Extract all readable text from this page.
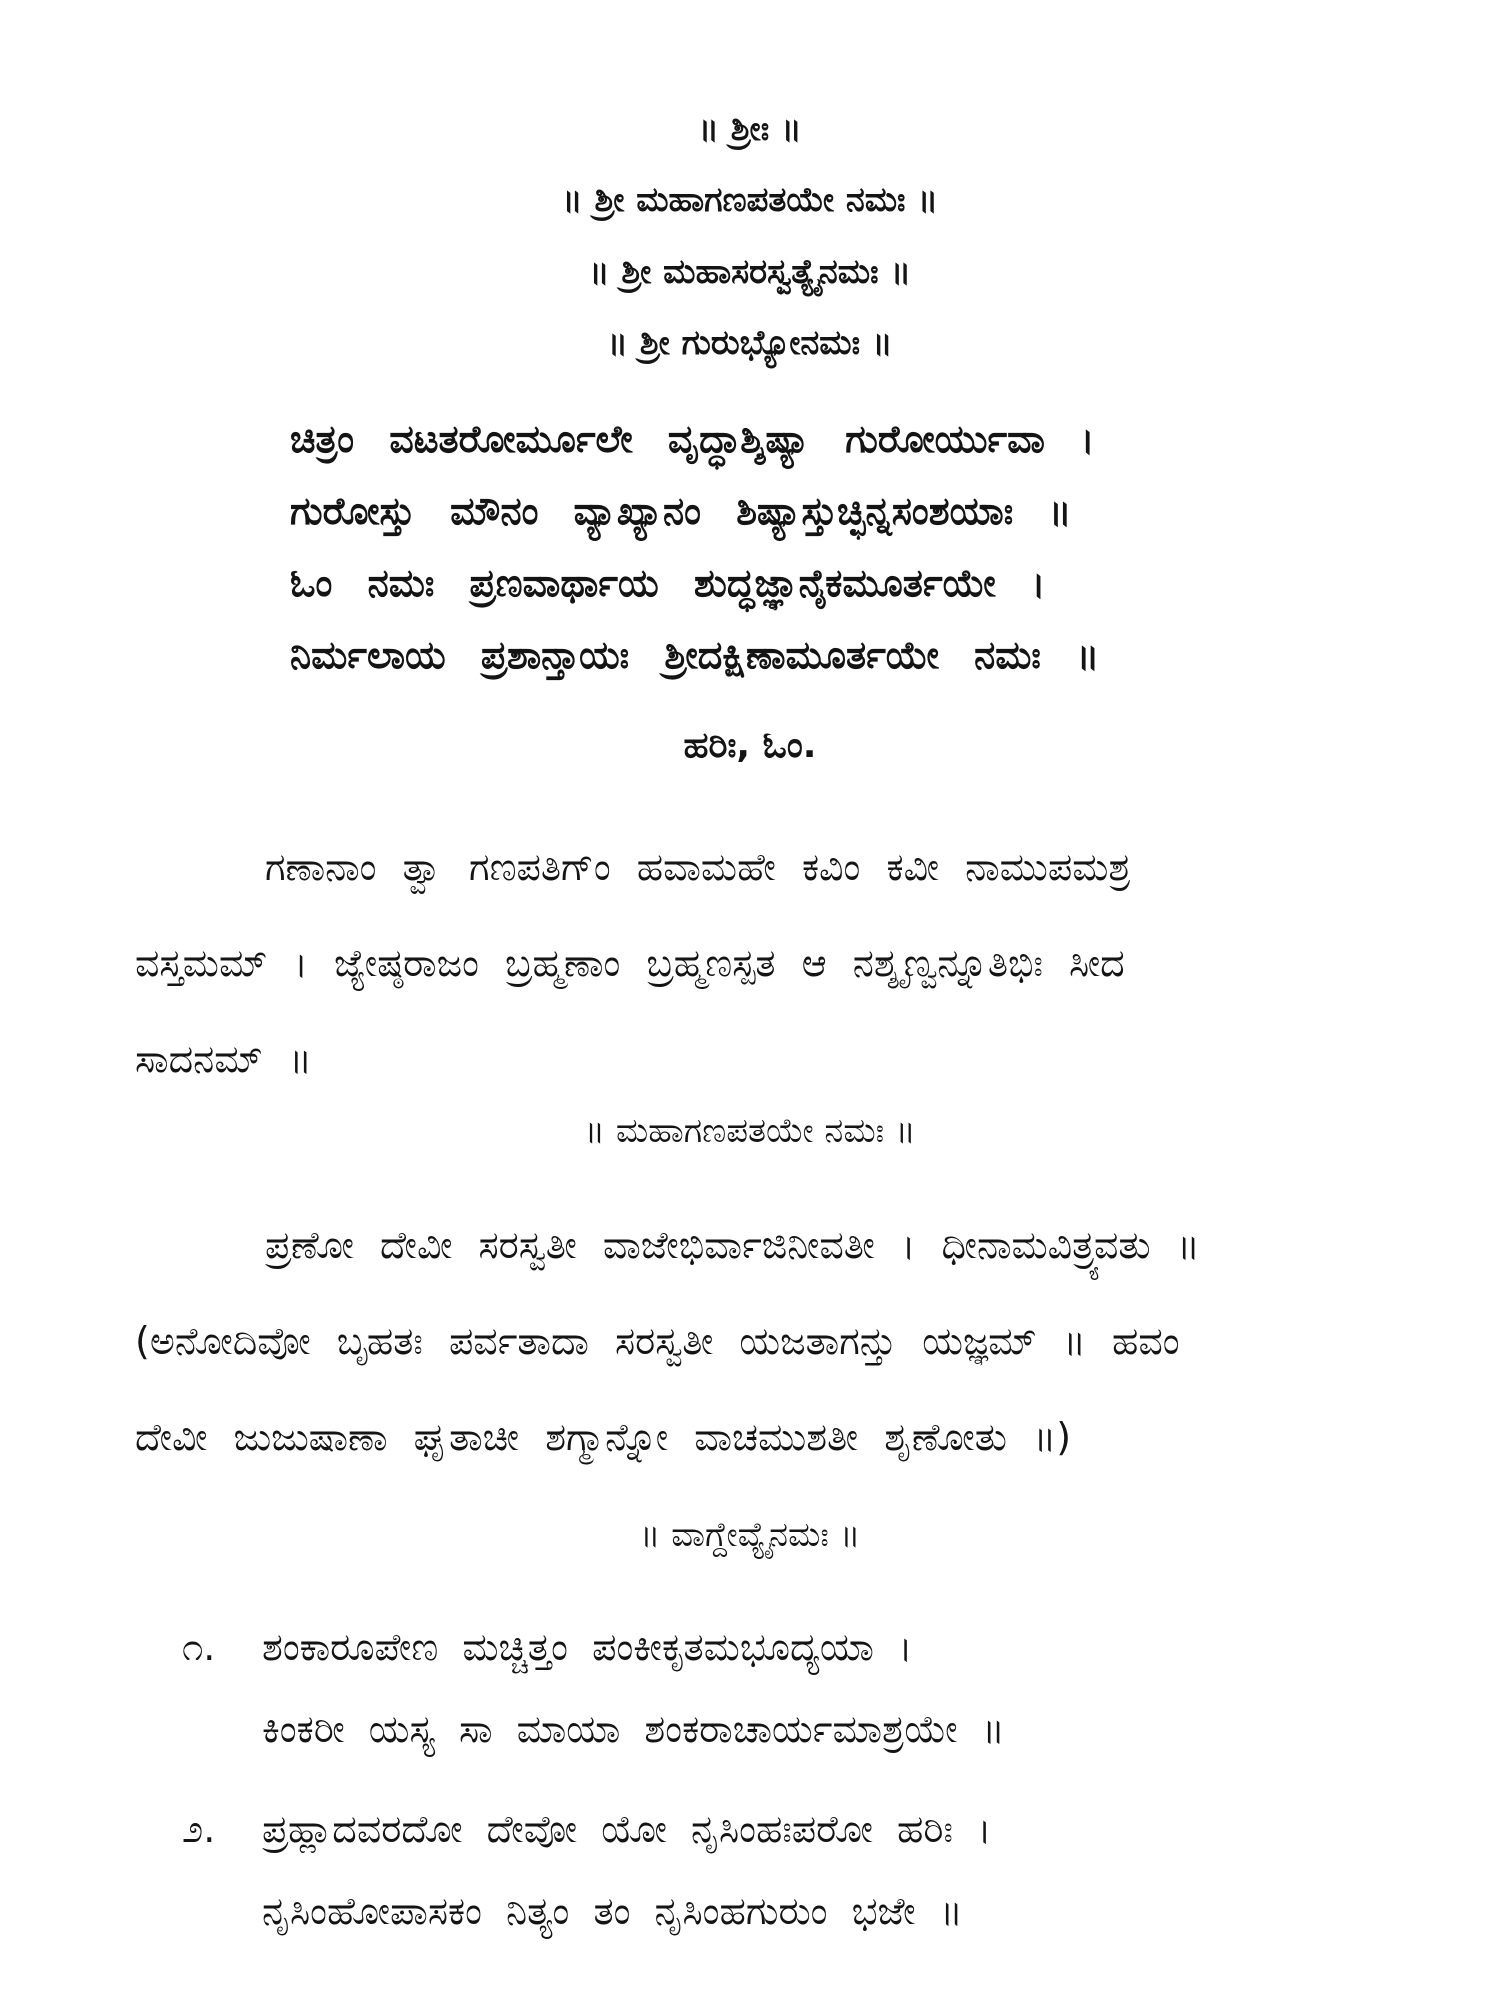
॥ ಶ್ರೀಃ ॥
॥ ಶ್ರೀ ಮಹಾಗಣಪತಯೇ ನಮಃ ॥
॥ ಶ್ರೀ ಮಹಾಸರಸ್ವತ್ಯೈನಮಃ ॥
॥ ಶ್ರೀ ಗುರುಭ್ಯೋನಮಃ ॥
ಚಿತ್ರಂ ವಟತರೋರ್ಮೂಲೇ ವೃದ್ಧಾಶ್ಶಿಷ್ಯಾ ಗುರೋರ್ಯುವಾ ।
ಗುರೋಸ್ತು ಮೌನಂ ವ್ಯಾಖ್ಯಾನಂ ಶಿಷ್ಯಾಸ್ತುಚ್ಛಿನ್ನಸಂಶಯಾಃ ॥
ಓಂ ನಮಃ ಪ್ರಣವಾರ್ಥಾಯ ಶುದ್ಧಜ್ಞಾನೈಕಮೂರ್ತಯೇ ।
ನಿರ್ಮಲಾಯ ಪ್ರಶಾನ್ತಾಯಃ ಶ್ರೀದಕ್ಷಿಣಾಮೂರ್ತಯೇ ನಮಃ ॥
ಹರಿಃ, ಓಂ.
ಗಣಾನಾಂ ತ್ವಾ ಗಣಪತಿಗ್ಂ ಹವಾಮಹೇ ಕವಿಂ ಕವೀ ನಾಮುಪಮಶ್ರ
ವಸ್ತಮಮ್ । ಜ್ಯೇಷ್ಠರಾಜಂ ಬ್ರಹ್ಮಣಾಂ ಬ್ರಹ್ಮಣಸ್ಪತ ಆ ನಶ್ಶೃಣ್ವನ್ನೂತಿಭಿಃ ಸೀದ
ಸಾದನಮ್ ॥
॥ ಮಹಾಗಣಪತಯೇ ನಮಃ ॥
ಪ್ರಣೋ ದೇವೀ ಸರಸ್ವತೀ ವಾಜೇಭಿರ್ವಾಜಿನೀವತೀ । ಧೀನಾಮವಿತ್ರ್ಯವತು ॥
(ಅನೋದಿವೋ ಬೃಹತಃ ಪರ್ವತಾದಾ ಸರಸ್ವತೀ ಯಜತಾಗನ್ತು ಯಜ್ಞಮ್ ॥ ಹವಂ
ದೇವೀ ಜುಜುಷಾಣಾ ಘೃತಾಚೀ ಶಗ್ಮಾನ್ನೋ ವಾಚಮುಶತೀ ಶೃಣೋತು ॥)
॥ ವಾಗ್ದೇವ್ಯೈನಮಃ ॥
೧. ಶಂಕಾರೂಪೇಣ ಮಚ್ಚಿತ್ತಂ ಪಂಕೀಕೃತಮಭೂದ್ಯಯಾ ।
ಕಿಂಕರೀ ಯಸ್ಯ ಸಾ ಮಾಯಾ ಶಂಕರಾಚಾರ್ಯಮಾಶ್ರಯೇ ॥
೨. ಪ್ರಹ್ಲಾದವರದೋ ದೇವೋ ಯೋ ನೃಸಿಂಹಃಪರೋ ಹರಿಃ ।
ನೃಸಿಂಹೋಪಾಸಕಂ ನಿತ್ಯಂ ತಂ ನೃಸಿಂಹಗುರುಂ ಭಜೇ ॥
